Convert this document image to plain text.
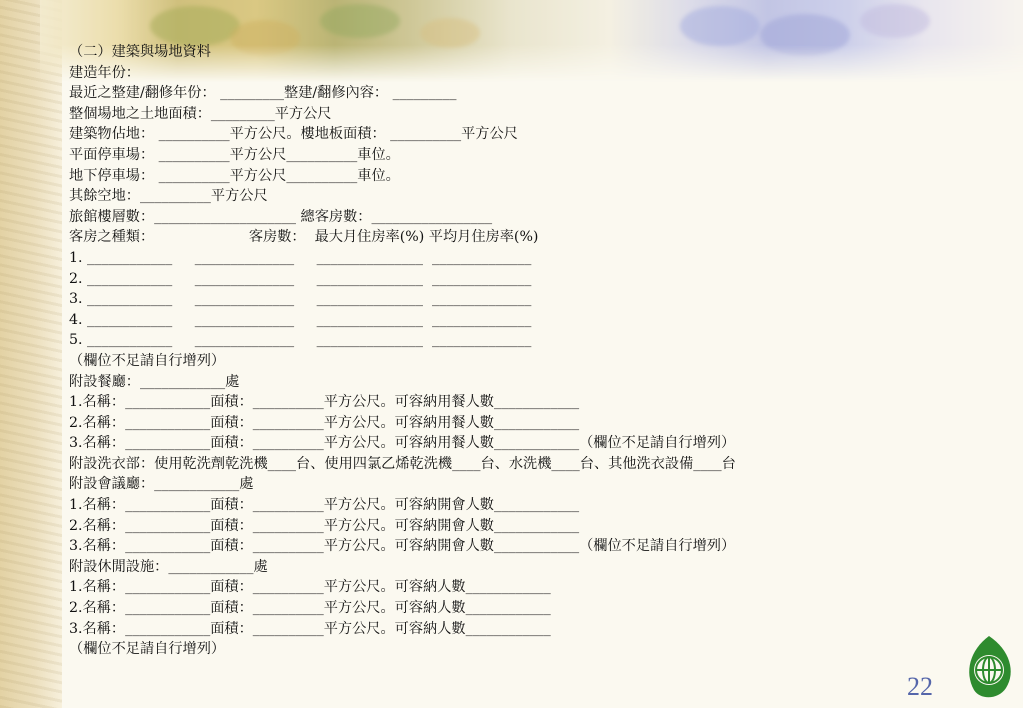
（二）建築與場地資料
建造年份：
最近之整建/翻修年份： _________整建/翻修內容： _________
整個場地之土地面積：_________平方公尺
建築物佔地： __________平方公尺。樓地板面積： __________平方公尺
平面停車場： __________平方公尺__________車位。
地下停車場： __________平方公尺__________車位。
其餘空地：__________平方公尺
旅館樓層數：____________________ 總客房數：_________________
客房之種類：                     客房數：  最大月住房率(%) 平均月住房率(%)
1. ____________     ______________     _______________  ______________
2. ____________     ______________     _______________  ______________
3. ____________     ______________     _______________  ______________
4. ____________     ______________     _______________  ______________
5. ____________     ______________     _______________  ______________
（欄位不足請自行增列）
附設餐廳：____________處
1.名稱：____________面積：__________平方公尺。可容納用餐人數____________
2.名稱：____________面積：__________平方公尺。可容納用餐人數____________
3.名稱：____________面積：__________平方公尺。可容納用餐人數____________（欄位不足請自行增列）
附設洗衣部：使用乾洗劑乾洗機____台、使用四氯乙烯乾洗機____台、水洗機____台、其他洗衣設備____台
附設會議廳：____________處
1.名稱：____________面積：__________平方公尺。可容納開會人數____________
2.名稱：____________面積：__________平方公尺。可容納開會人數____________
3.名稱：____________面積：__________平方公尺。可容納開會人數____________（欄位不足請自行增列）
附設休閒設施：____________處
1.名稱：____________面積：__________平方公尺。可容納人數____________
2.名稱：____________面積：__________平方公尺。可容納人數____________
3.名稱：____________面積：__________平方公尺。可容納人數____________
（欄位不足請自行增列）
22
